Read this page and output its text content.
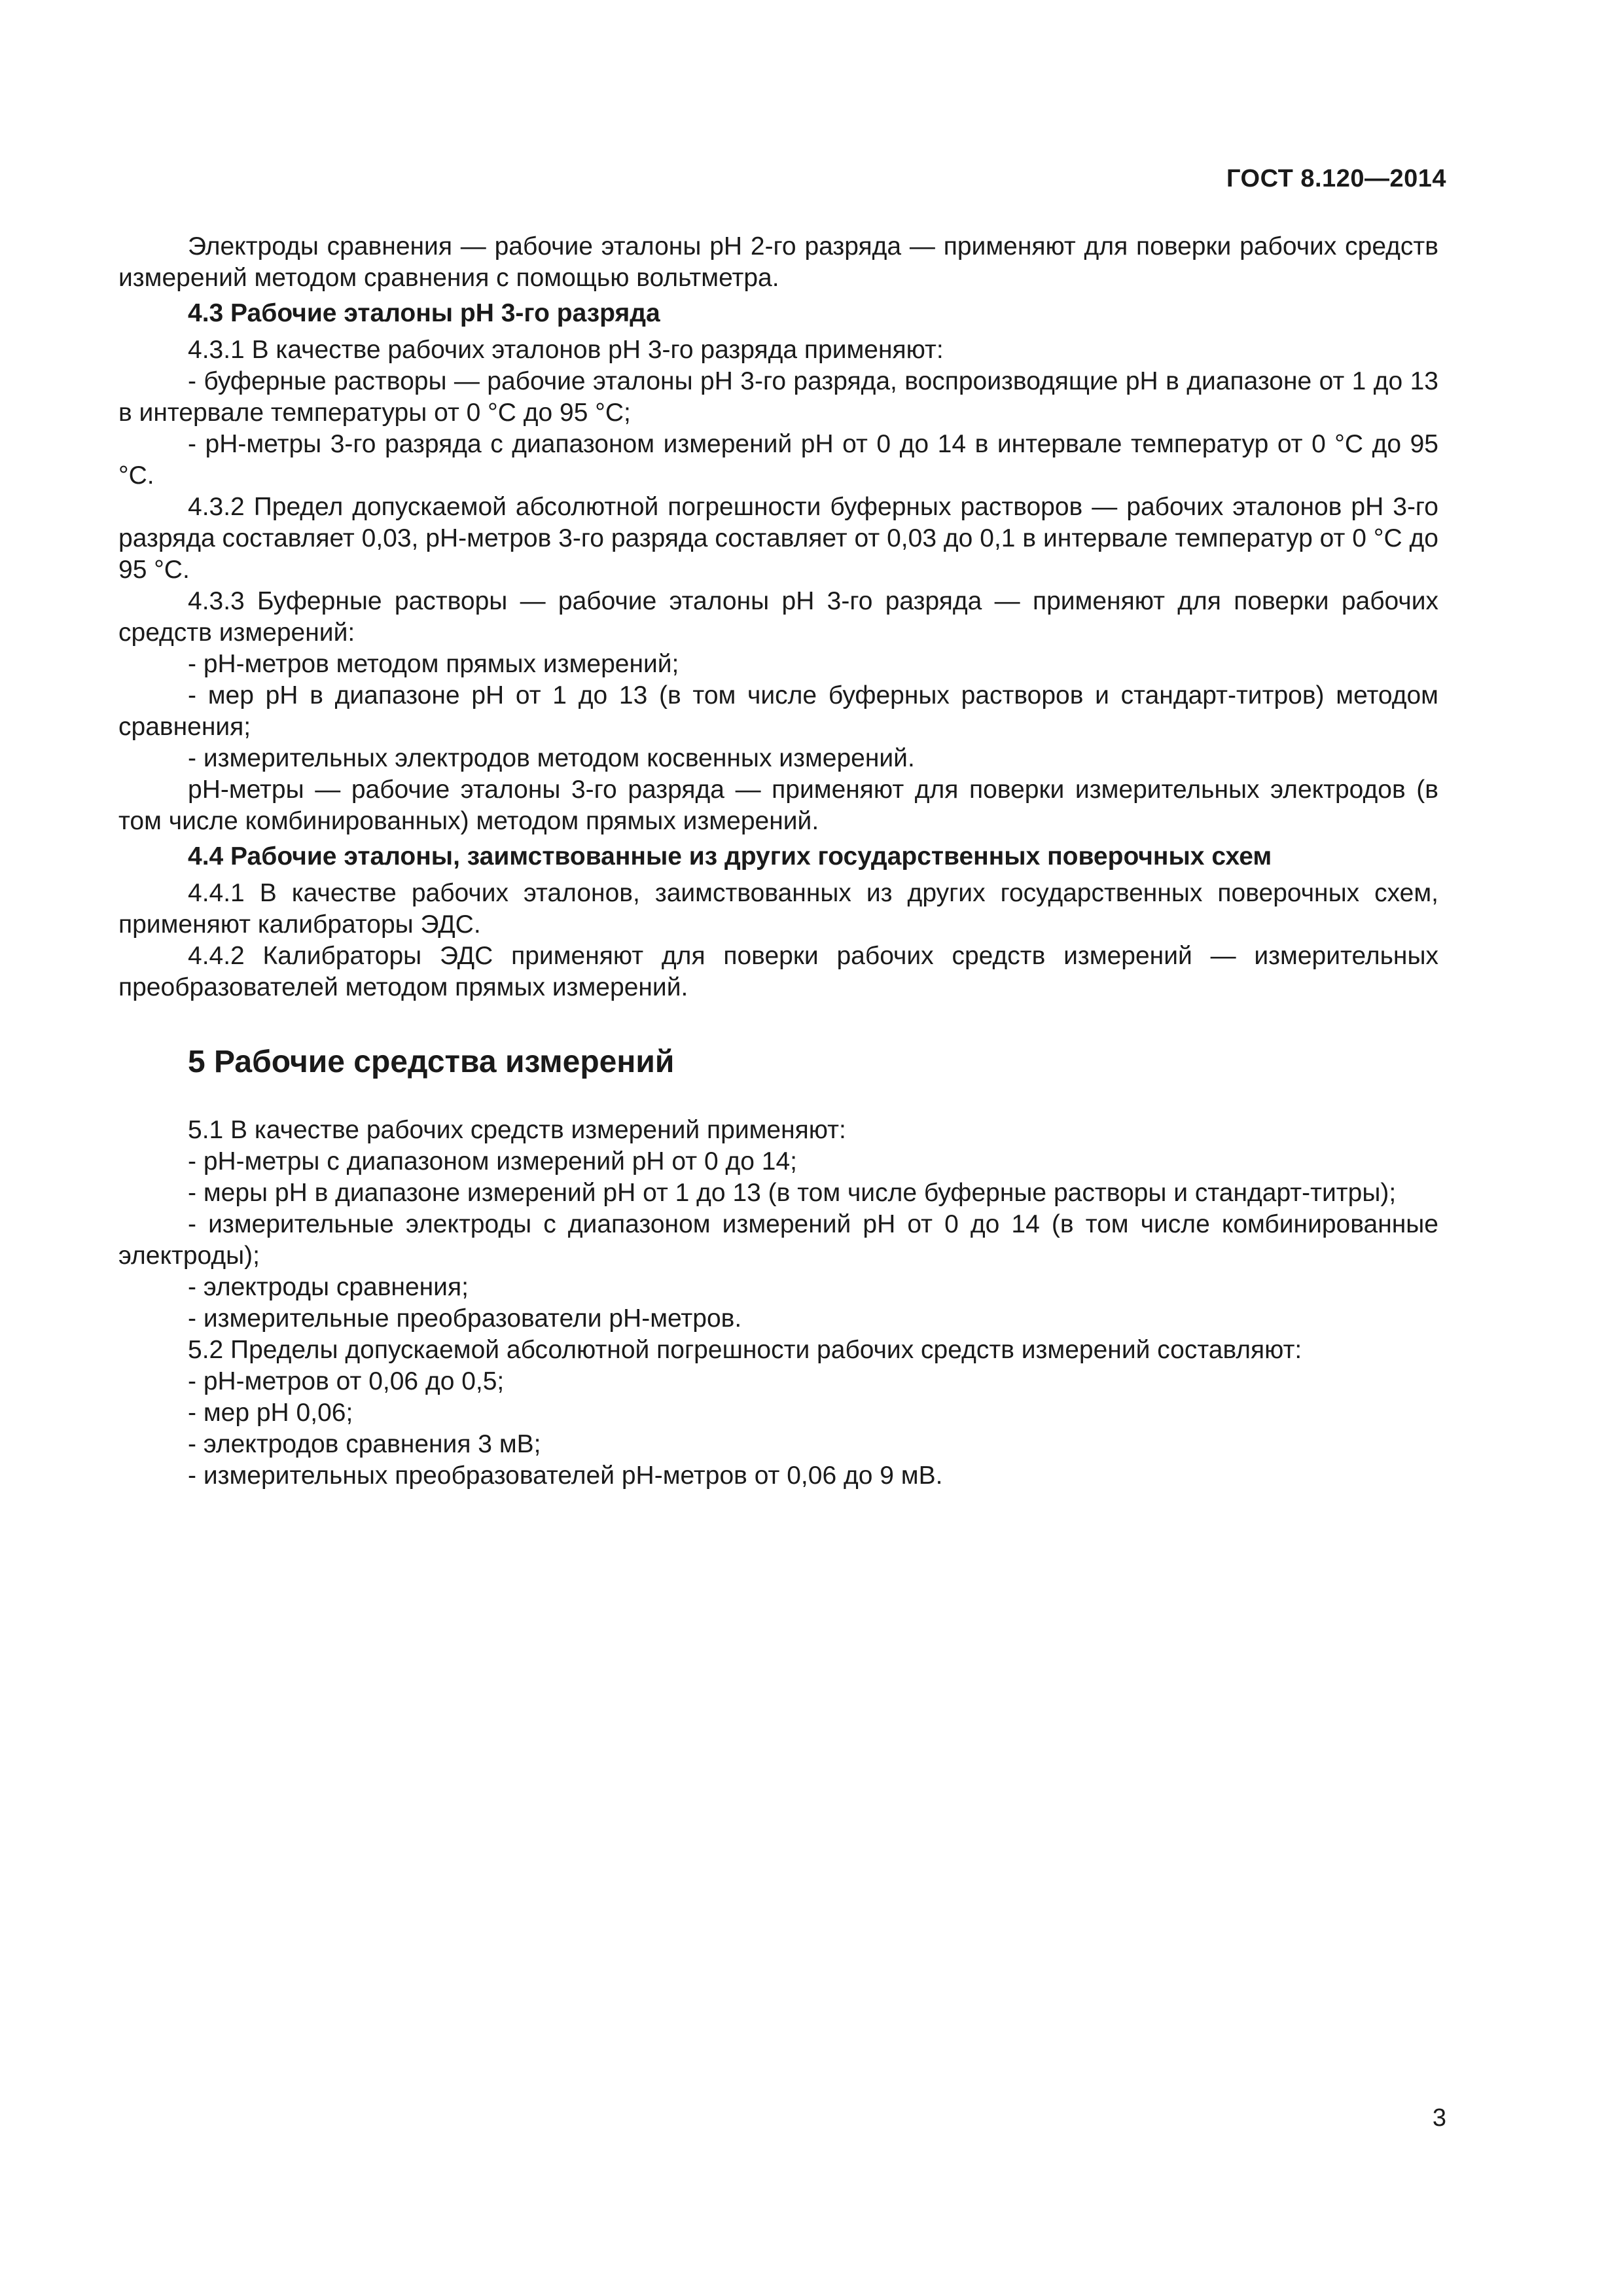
ГОСТ 8.120—2014

Электроды сравнения — рабочие эталоны рН 2-го разряда — применяют для поверки рабочих средств измерений методом сравнения с помощью вольтметра.

4.3 Рабочие эталоны рН 3-го разряда

4.3.1 В качестве рабочих эталонов рН 3-го разряда применяют:

- буферные растворы — рабочие эталоны рН 3-го разряда, воспроизводящие рН в диапазоне от 1 до 13 в интервале температуры от 0 °С до 95 °С;

- рН-метры 3-го разряда с диапазоном измерений рН от 0 до 14 в интервале температур от 0 °С до 95 °С.

4.3.2 Предел допускаемой абсолютной погрешности буферных растворов — рабочих эталонов рН 3-го разряда составляет 0,03, рН-метров 3-го разряда составляет от 0,03 до 0,1 в интервале температур от 0 °С до 95 °С.

4.3.3 Буферные растворы — рабочие эталоны рН 3-го разряда — применяют для поверки рабочих средств измерений:

- рН-метров методом прямых измерений;

- мер рН в диапазоне рН от 1 до 13 (в том числе буферных растворов и стандарт-титров) методом сравнения;

- измерительных электродов методом косвенных измерений.

рН-метры — рабочие эталоны 3-го разряда — применяют для поверки измерительных электродов (в том числе комбинированных) методом прямых измерений.

4.4 Рабочие эталоны, заимствованные из других государственных поверочных схем

4.4.1 В качестве рабочих эталонов, заимствованных из других государственных поверочных схем, применяют калибраторы ЭДС.

4.4.2 Калибраторы ЭДС применяют для поверки рабочих средств измерений — измерительных преобразователей методом прямых измерений.

5 Рабочие средства измерений

5.1 В качестве рабочих средств измерений применяют:

- рН-метры с диапазоном измерений рН от 0 до 14;

- меры рН в диапазоне измерений рН от 1 до 13 (в том числе буферные растворы и стандарт-титры);

- измерительные электроды с диапазоном измерений рН от 0 до 14 (в том числе комбинированные электроды);

- электроды сравнения;

- измерительные преобразователи рН-метров.

5.2 Пределы допускаемой абсолютной погрешности рабочих средств измерений составляют:

- рН-метров от 0,06 до 0,5;

- мер рН 0,06;

- электродов сравнения 3 мВ;

- измерительных преобразователей рН-метров от 0,06 до 9 мВ.

3
